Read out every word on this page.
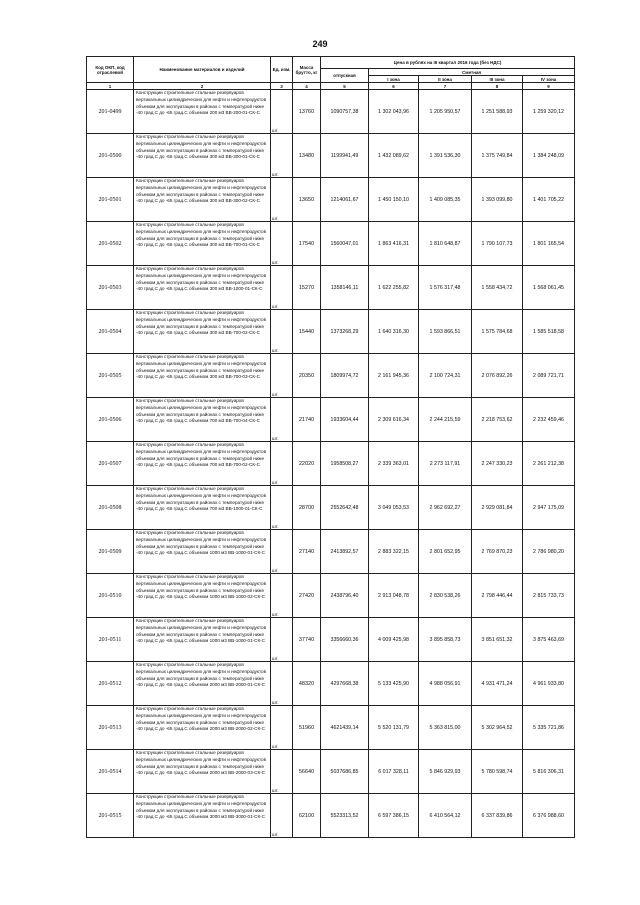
249
Код ОКП, код отраслевой	Наименование материалов и изделий	Ед. изм.	Масса брутто, кг	Цена в рублях на III квартал 2016 года (без НДС)				
				отпускная	Сметная			
					I зона	II зона	III зона	IV зона
1	2	3	4	5	6	7	8	9
201-0499	Конструкции строительные стальные резервуаров вертикальных цилиндрических для нефти и нефтепродуктов объемом для эксплуатации в районах с температурой ниже -40 град.С до -65 град.С объемом 200 м3 ВВ-200-01-СК-С	шт.	13760	1090757,38	1 302 043,96	1 205 950,57	1 251 588,93	1 259 320,12
201-0500	Конструкции строительные стальные резервуаров вертикальных цилиндрических для нефти и нефтепродуктов объемом для эксплуатации в районах с температурой ниже -40 град.С до -65 град.С объемом 300 м3 ВВ-300-01-СК-С	шт.	13480	1199941,49	1 432 089,62	1 391 536,30	1 375 749,84	1 384 248,09
201-0501	Конструкции строительные стальные резервуаров вертикальных цилиндрических для нефти и нефтепродуктов объемом для эксплуатации в районах с температурой ниже -40 град.С до -65 град.С объемом 300 м3 ВВ-300-02-СК-С	шт.	13650	1214061,67	1 450 150,10	1 409 085,35	1 393 099,80	1 401 705,22
201-0502	Конструкции строительные стальные резервуаров вертикальных цилиндрических для нефти и нефтепродуктов объемом для эксплуатации в районах с температурой ниже -40 град.С до -65 град.С объемом 300 м3 ВВ-700-01-СК-С	шт.	17540	1560047,01	1 863 416,31	1 810 648,87	1 790 107,73	1 801 165,54
201-0503	Конструкции строительные стальные резервуаров вертикальных цилиндрических для нефти и нефтепродуктов объемом для эксплуатации в районах с температурой ниже -40 град.С до -65 град.С объемом 300 м3 ВВ-1000-01-СК-С	шт.	15270	1358146,11	1 622 255,82	1 576 317,48	1 558 434,72	1 568 061,45
201-0504	Конструкции строительные стальные резервуаров вертикальных цилиндрических для нефти и нефтепродуктов объемом для эксплуатации в районах с температурой ниже -40 град.С до -65 град.С объемом 300 м3 ВВ-700-02-СК-С	шт.	15440	1373268,29	1 640 316,30	1 593 866,51	1 575 784,68	1 585 518,58
201-0505	Конструкции строительные стальные резервуаров вертикальных цилиндрических для нефти и нефтепродуктов объемом для эксплуатации в районах с температурой ниже -40 град.С до -65 град.С объемом 300 м3 ВВ-700-03-СК-С	шт.	20350	1809974,72	2 161 945,36	2 100 724,31	2 076 892,26	2 089 721,71
201-0506	Конструкции строительные стальные резервуаров вертикальных цилиндрических для нефти и нефтепродуктов объемом для эксплуатации в районах с температурой ниже -40 град.С до -65 град.С объемом 700 м3 ВВ-700-04-СК-С	шт.	21740	1933604,44	2 309 616,34	2 244 215,59	2 218 753,62	2 232 459,46
201-0507	Конструкции строительные стальные резервуаров вертикальных цилиндрических для нефти и нефтепродуктов объемом для эксплуатации в районах с температурой ниже -40 град.С до -65 град.С объемом 700 м3 ВВ-700-02-СК-С	шт.	22020	1958508,27	2 339 363,01	2 273 117,91	2 247 330,23	2 261 212,38
201-0508	Конструкции строительные стальные резервуаров вертикальных цилиндрических для нефти и нефтепродуктов объемом для эксплуатации в районах с температурой ниже -40 град.С до -65 град.С объемом 700 м3 ВВ-1000-01-СК-С	шт.	28700	2552642,48	3 049 053,53	2 962 692,27	2 929 081,84	2 947 175,09
201-0509	Конструкции строительные стальные резервуаров вертикальных цилиндрических для нефти и нефтепродуктов объемом для эксплуатации в районах с температурой ниже -40 град.С до -65 град.С объемом 1000 м3 ВВ-1000-01-СК-С	шт.	27140	2413892,57	2 883 322,15	2 801 652,95	2 769 870,23	2 786 980,20
201-0510	Конструкции строительные стальные резервуаров вертикальных цилиндрических для нефти и нефтепродуктов объемом для эксплуатации в районах с температурой ниже -40 град.С до -65 град.С объемом 1000 м3 ВВ-1000-02-СК-С	шт.	27420	2438796,40	2 913 048,78	2 830 538,26	2 798 446,44	2 815 733,73
201-0511	Конструкции строительные стальные резервуаров вертикальных цилиндрических для нефти и нефтепродуктов объемом для эксплуатации в районах с температурой ниже -40 град.С до -65 град.С объемом 1000 м3 ВВ-1000-01-СК-С	шт.	37740	3356660,36	4 009 425,98	3 895 858,73	3 851 651,32	3 875 463,69
201-0512	Конструкции строительные стальные резервуаров вертикальных цилиндрических для нефти и нефтепродуктов объемом для эксплуатации в районах с температурой ниже -40 град.С до -65 град.С объемом 2000 м3 ВВ-2000-01-СК-С	шт.	48320	4297668,38	5 133 425,90	4 988 056,91	4 931 471,24	4 961 933,80
201-0513	Конструкции строительные стальные резервуаров вертикальных цилиндрических для нефти и нефтепродуктов объемом для эксплуатации в районах с температурой ниже -40 град.С до -65 град.С объемом 2000 м3 ВВ-2000-02-СК-С	шт.	51960	4621439,14	5 520 131,79	5 363 815,00	5 302 964,52	5 335 721,86
201-0514	Конструкции строительные стальные резервуаров вертикальных цилиндрических для нефти и нефтепродуктов объемом для эксплуатации в районах с температурой ниже -40 град.С до -65 град.С объемом 2000 м3 ВВ-2000-03-СК-С	шт.	56640	5037686,85	6 017 328,11	5 846 929,93	5 780 598,74	5 816 306,31
201-0515	Конструкции строительные стальные резервуаров вертикальных цилиндрических для нефти и нефтепродуктов объемом для эксплуатации в районах с температурой ниже -40 град.С до -65 град.С объемом 3000 м3 ВВ-3000-01-СК-С	шт.	62100	5523313,52	6 597 386,15	6 410 564,12	6 337 839,86	6 376 988,60
